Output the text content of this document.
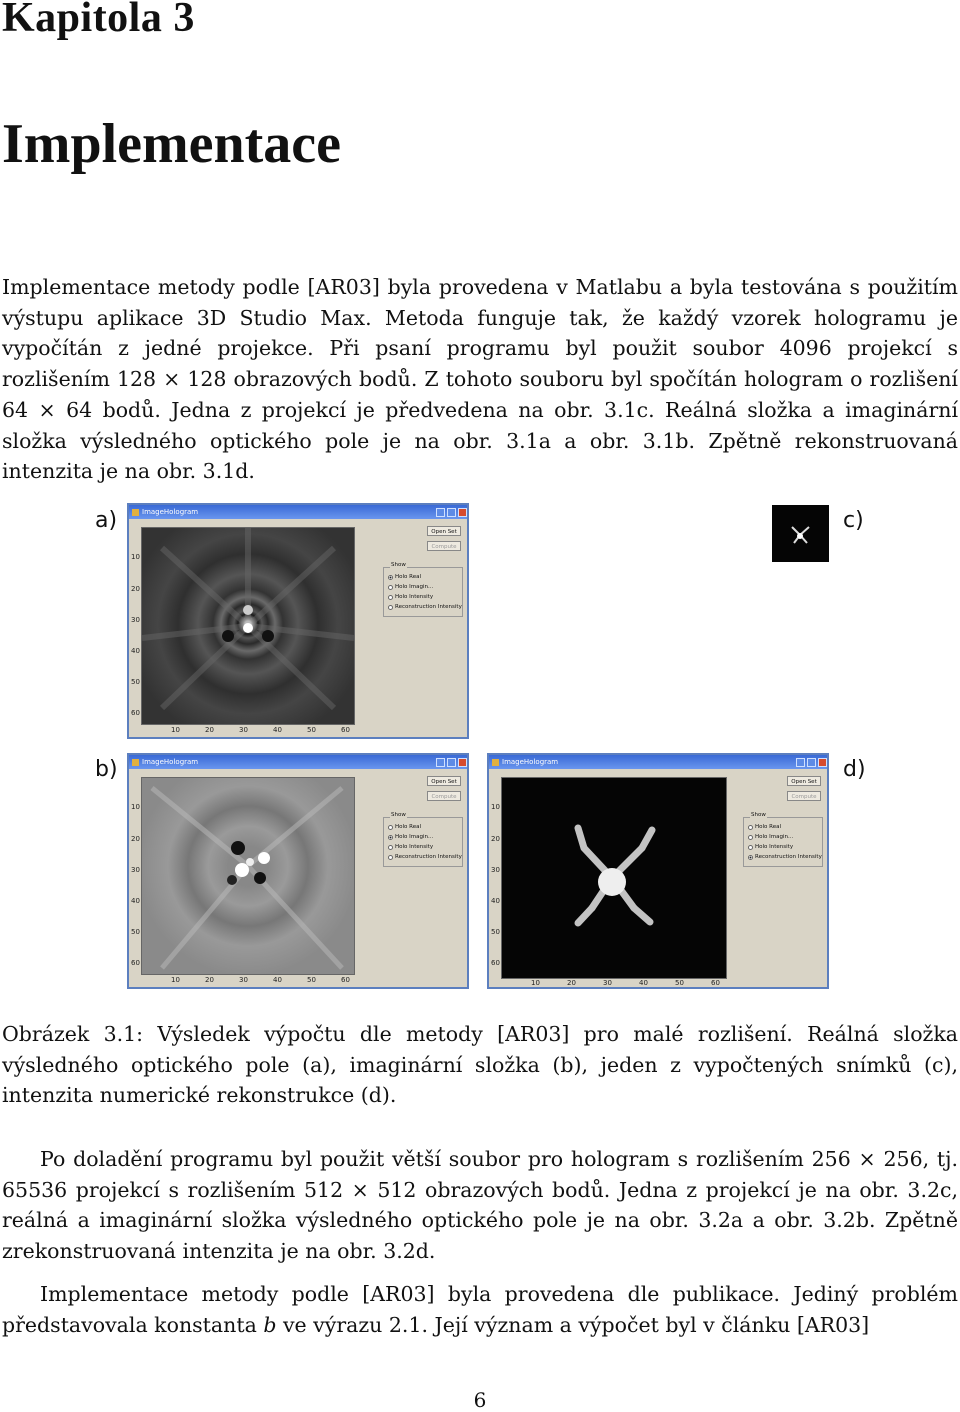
Kapitola 3
Implementace

Implementace metody podle [AR03] byla provedena v Matlabu a byla testována s použitím výstupu aplikace 3D Studio Max. Metoda funguje tak, že každý vzorek hologramu je vypočítán z jedné projekce. Při psaní programu byl použit soubor 4096 projekcí s rozlišením 128 × 128 obrazových bodů. Z tohoto souboru byl spočítán hologram o rozlišení 64 × 64 bodů. Jedna z projekcí je předvedena na obr. 3.1c. Reálná složka a imaginární složka výsledného optického pole je na obr. 3.1a a obr. 3.1b. Zpětně rekonstruovaná intenzita je na obr. 3.1d.

a)	c)
b)	d)
ImageHologram
10
20
30
40
50
60
10	20	30	40	50	60
Open Set
Compute
Show
Holo Real
Holo Imagin...
Holo Intensity
Reconstruction Intensity
ImageHologram
10
20
30
40
50
60
10	20	30	40	50	60
Open Set
Compute
Show
Holo Real
Holo Imagin...
Holo Intensity
Reconstruction Intensity
ImageHologram
10
20
30
40
50
60
10	20	30	40	50	60
Open Set
Compute
Show
Holo Real
Holo Imagin...
Holo Intensity
Reconstruction Intensity

Obrázek 3.1: Výsledek výpočtu dle metody [AR03] pro malé rozlišení. Reálná složka výsledného optického pole (a), imaginární složka (b), jeden z vypočtených snímků (c), intenzita numerické rekonstrukce (d).

Po doladění programu byl použit větší soubor pro hologram s rozlišením 256 × 256, tj. 65536 projekcí s rozlišením 512 × 512 obrazových bodů. Jedna z projekcí je na obr. 3.2c, reálná a imaginární složka výsledného optického pole je na obr. 3.2a a obr. 3.2b. Zpětně zrekonstruovaná intenzita je na obr. 3.2d.

Implementace metody podle [AR03] byla provedena dle publikace. Jediný problém představovala konstanta b ve výrazu 2.1. Její význam a výpočet byl v článku [AR03]

6
